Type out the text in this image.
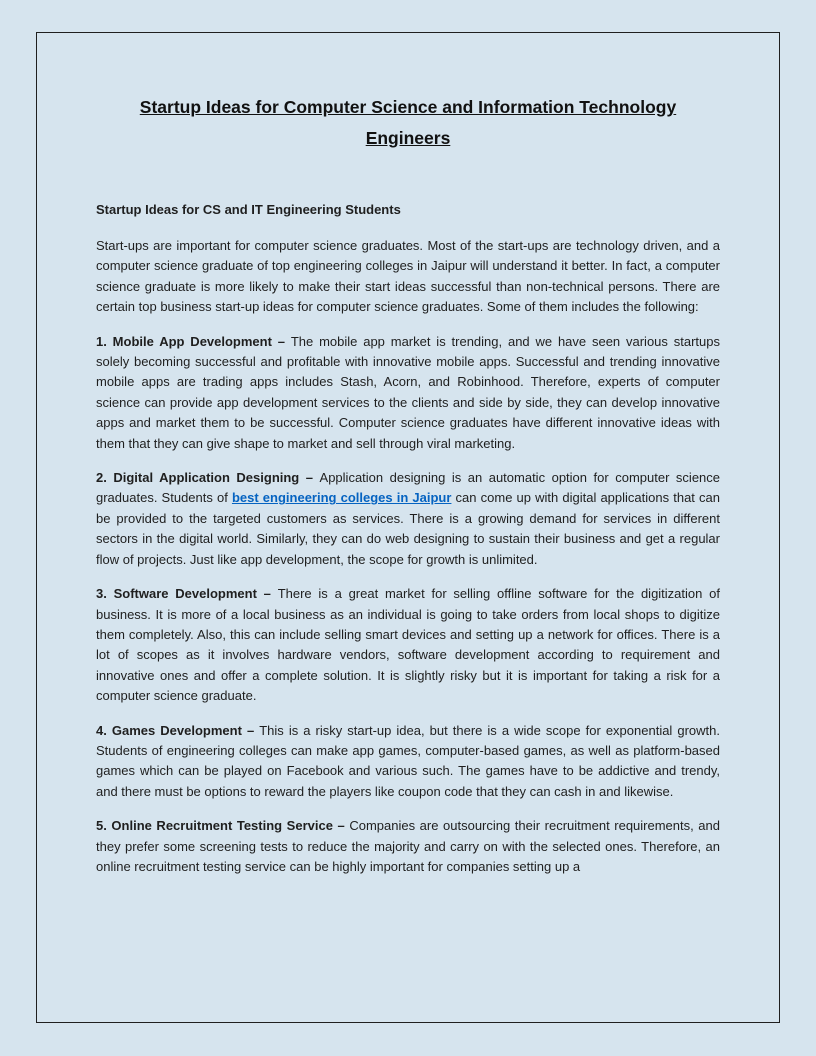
Startup Ideas for Computer Science and Information Technology Engineers

Startup Ideas for CS and IT Engineering Students

Start-ups are important for computer science graduates. Most of the start-ups are technology driven, and a computer science graduate of top engineering colleges in Jaipur will understand it better. In fact, a computer science graduate is more likely to make their start ideas successful than non-technical persons. There are certain top business start-up ideas for computer science graduates. Some of them includes the following:

1. Mobile App Development – The mobile app market is trending, and we have seen various startups solely becoming successful and profitable with innovative mobile apps. Successful and trending innovative mobile apps are trading apps includes Stash, Acorn, and Robinhood. Therefore, experts of computer science can provide app development services to the clients and side by side, they can develop innovative apps and market them to be successful. Computer science graduates have different innovative ideas with them that they can give shape to market and sell through viral marketing.

2. Digital Application Designing – Application designing is an automatic option for computer science graduates. Students of best engineering colleges in Jaipur can come up with digital applications that can be provided to the targeted customers as services. There is a growing demand for services in different sectors in the digital world. Similarly, they can do web designing to sustain their business and get a regular flow of projects. Just like app development, the scope for growth is unlimited.

3. Software Development – There is a great market for selling offline software for the digitization of business. It is more of a local business as an individual is going to take orders from local shops to digitize them completely. Also, this can include selling smart devices and setting up a network for offices. There is a lot of scopes as it involves hardware vendors, software development according to requirement and innovative ones and offer a complete solution. It is slightly risky but it is important for taking a risk for a computer science graduate.

4. Games Development – This is a risky start-up idea, but there is a wide scope for exponential growth. Students of engineering colleges can make app games, computer-based games, as well as platform-based games which can be played on Facebook and various such. The games have to be addictive and trendy, and there must be options to reward the players like coupon code that they can cash in and likewise.

5. Online Recruitment Testing Service – Companies are outsourcing their recruitment requirements, and they prefer some screening tests to reduce the majority and carry on with the selected ones. Therefore, an online recruitment testing service can be highly important for companies setting up a
